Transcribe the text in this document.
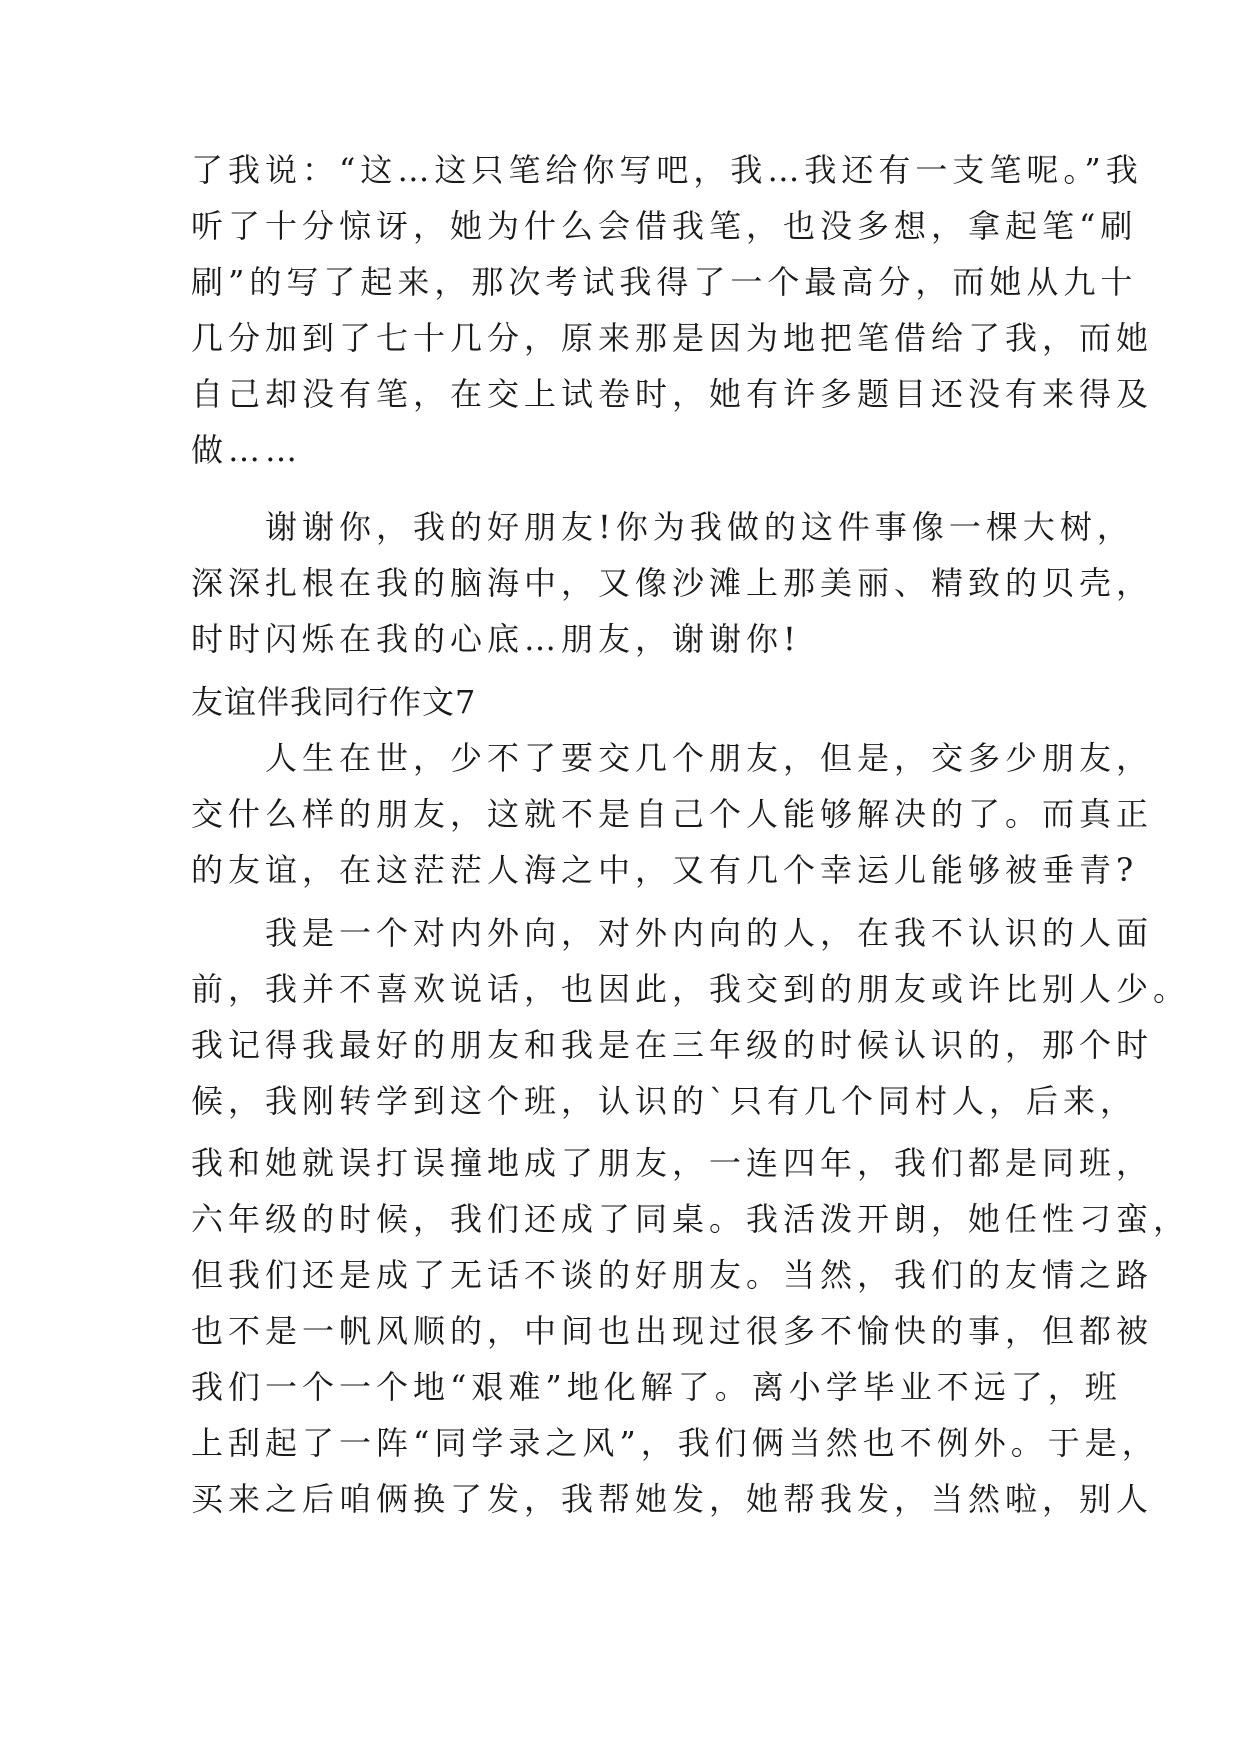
了我说：“这…这只笔给你写吧，我…我还有一支笔呢。”我
听了十分惊讶，她为什么会借我笔，也没多想，拿起笔“刷
刷”的写了起来，那次考试我得了一个最高分，而她从九十
几分加到了七十几分，原来那是因为地把笔借给了我，而她
自己却没有笔，在交上试卷时，她有许多题目还没有来得及
做……
　　谢谢你，我的好朋友!你为我做的这件事像一棵大树，
深深扎根在我的脑海中，又像沙滩上那美丽、精致的贝壳，
时时闪烁在我的心底…朋友，谢谢你!
友谊伴我同行作文7
　　人生在世，少不了要交几个朋友，但是，交多少朋友，
交什么样的朋友，这就不是自己个人能够解决的了。而真正
的友谊，在这茫茫人海之中，又有几个幸运儿能够被垂青?
　　我是一个对内外向，对外内向的人，在我不认识的人面
前，我并不喜欢说话，也因此，我交到的朋友或许比别人少。
我记得我最好的朋友和我是在三年级的时候认识的，那个时
候，我刚转学到这个班，认识的`只有几个同村人，后来，
我和她就误打误撞地成了朋友，一连四年，我们都是同班，
六年级的时候，我们还成了同桌。我活泼开朗，她任性刁蛮，
但我们还是成了无话不谈的好朋友。当然，我们的友情之路
也不是一帆风顺的，中间也出现过很多不愉快的事，但都被
我们一个一个地“艰难”地化解了。离小学毕业不远了，班
上刮起了一阵“同学录之风”，我们俩当然也不例外。于是，
买来之后咱俩换了发，我帮她发，她帮我发，当然啦，别人
